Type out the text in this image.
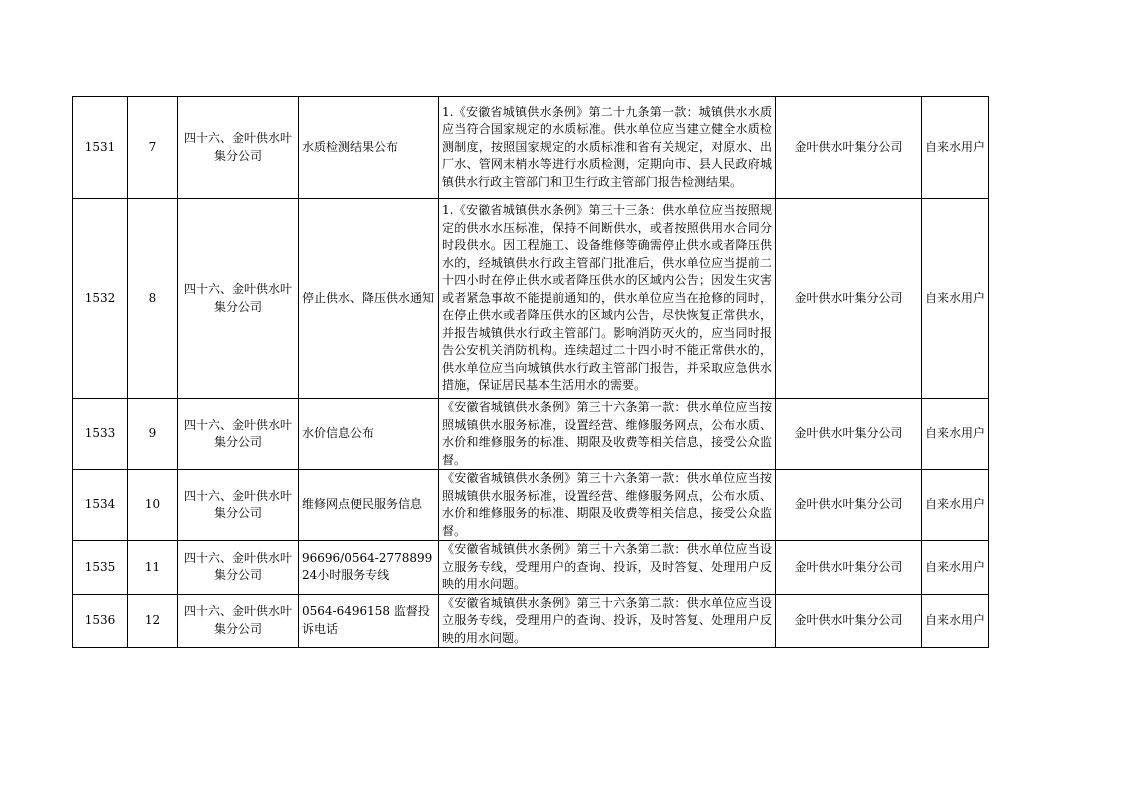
1531	7	四十六、金叶供水叶集分公司	水质检测结果公布	1.《安徽省城镇供水条例》第二十九条第一款：城镇供水水质应当符合国家规定的水质标准。供水单位应当建立健全水质检测制度，按照国家规定的水质标准和省有关规定，对原水、出厂水、管网末梢水等进行水质检测，定期向市、县人民政府城镇供水行政主管部门和卫生行政主管部门报告检测结果。	金叶供水叶集分公司	自来水用户
1532	8	四十六、金叶供水叶集分公司	停止供水、降压供水通知	1.《安徽省城镇供水条例》第三十三条：供水单位应当按照规定的供水水压标准，保持不间断供水，或者按照供用水合同分时段供水。因工程施工、设备维修等确需停止供水或者降压供水的，经城镇供水行政主管部门批准后，供水单位应当提前二十四小时在停止供水或者降压供水的区域内公告；因发生灾害或者紧急事故不能提前通知的，供水单位应当在抢修的同时，在停止供水或者降压供水的区域内公告，尽快恢复正常供水，并报告城镇供水行政主管部门。影响消防灭火的，应当同时报告公安机关消防机构。连续超过二十四小时不能正常供水的，供水单位应当向城镇供水行政主管部门报告，并采取应急供水措施，保证居民基本生活用水的需要。	金叶供水叶集分公司	自来水用户
1533	9	四十六、金叶供水叶集分公司	水价信息公布	《安徽省城镇供水条例》第三十六条第一款：供水单位应当按照城镇供水服务标准，设置经营、维修服务网点，公布水质、水价和维修服务的标准、期限及收费等相关信息，接受公众监督。	金叶供水叶集分公司	自来水用户
1534	10	四十六、金叶供水叶集分公司	维修网点便民服务信息	《安徽省城镇供水条例》第三十六条第一款：供水单位应当按照城镇供水服务标准，设置经营、维修服务网点，公布水质、水价和维修服务的标准、期限及收费等相关信息，接受公众监督。	金叶供水叶集分公司	自来水用户
1535	11	四十六、金叶供水叶集分公司	96696/0564-2778899 24小时服务专线	《安徽省城镇供水条例》第三十六条第二款：供水单位应当设立服务专线，受理用户的查询、投诉，及时答复、处理用户反映的用水问题。	金叶供水叶集分公司	自来水用户
1536	12	四十六、金叶供水叶集分公司	0564-6496158 监督投诉电话	《安徽省城镇供水条例》第三十六条第二款：供水单位应当设立服务专线，受理用户的查询、投诉，及时答复、处理用户反映的用水问题。	金叶供水叶集分公司	自来水用户
